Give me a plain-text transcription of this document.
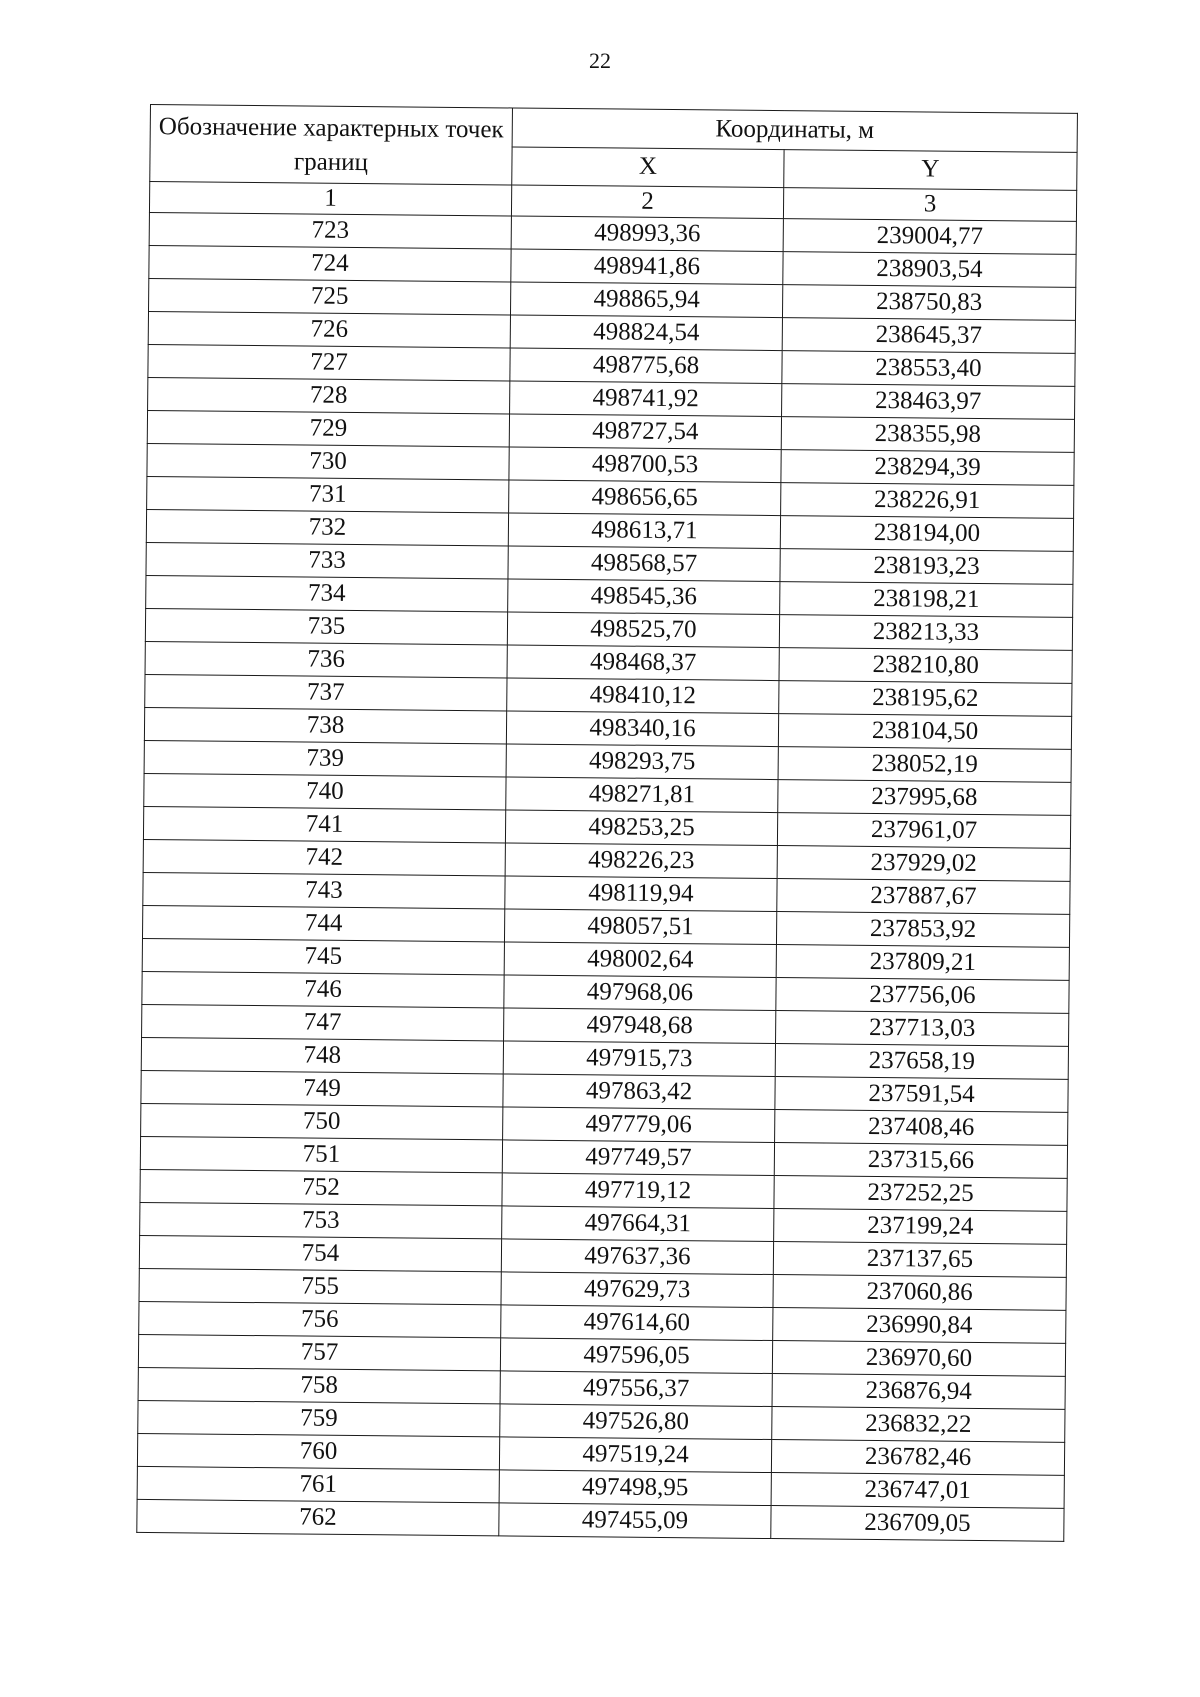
22
Обозначение характерных точек границ	Координаты, м	
	X	Y
1	2	3
723	498993,36	239004,77
724	498941,86	238903,54
725	498865,94	238750,83
726	498824,54	238645,37
727	498775,68	238553,40
728	498741,92	238463,97
729	498727,54	238355,98
730	498700,53	238294,39
731	498656,65	238226,91
732	498613,71	238194,00
733	498568,57	238193,23
734	498545,36	238198,21
735	498525,70	238213,33
736	498468,37	238210,80
737	498410,12	238195,62
738	498340,16	238104,50
739	498293,75	238052,19
740	498271,81	237995,68
741	498253,25	237961,07
742	498226,23	237929,02
743	498119,94	237887,67
744	498057,51	237853,92
745	498002,64	237809,21
746	497968,06	237756,06
747	497948,68	237713,03
748	497915,73	237658,19
749	497863,42	237591,54
750	497779,06	237408,46
751	497749,57	237315,66
752	497719,12	237252,25
753	497664,31	237199,24
754	497637,36	237137,65
755	497629,73	237060,86
756	497614,60	236990,84
757	497596,05	236970,60
758	497556,37	236876,94
759	497526,80	236832,22
760	497519,24	236782,46
761	497498,95	236747,01
762	497455,09	236709,05
